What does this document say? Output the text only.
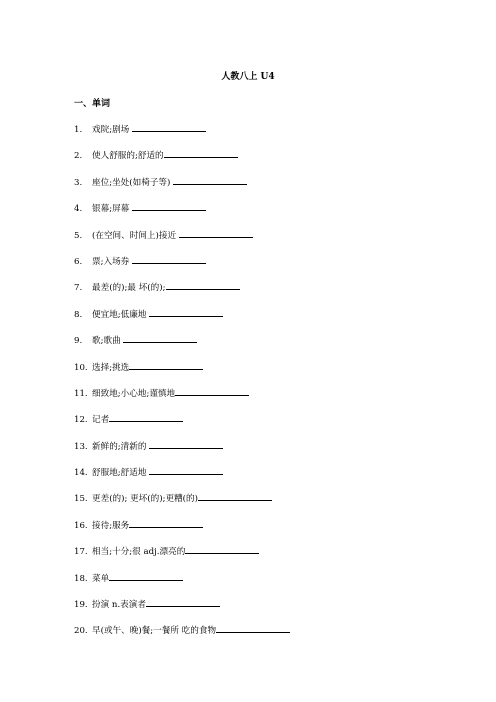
人教八上 U4
一、单词
1. 戏院;剧场
2. 使人舒服的;舒适的
3. 座位;坐处(如椅子等)
4. 银幕;屏幕
5. (在空间、时间上)接近
6. 票;入场券
7. 最差(的);最 坏(的);
8. 便宜地;低廉地
9. 歌;歌曲
10. 选择;挑选
11. 细致地;小心地;谨慎地
12. 记者
13. 新鲜的;清新的
14. 舒服地;舒适地
15. 更差(的); 更坏(的);更糟(的)
16. 接待;服务
17. 相当;十分;很 adj.漂亮的
18. 菜单
19. 扮演 n.表演者
20. 早(或午、晚)餐;一餐所 吃的食物
